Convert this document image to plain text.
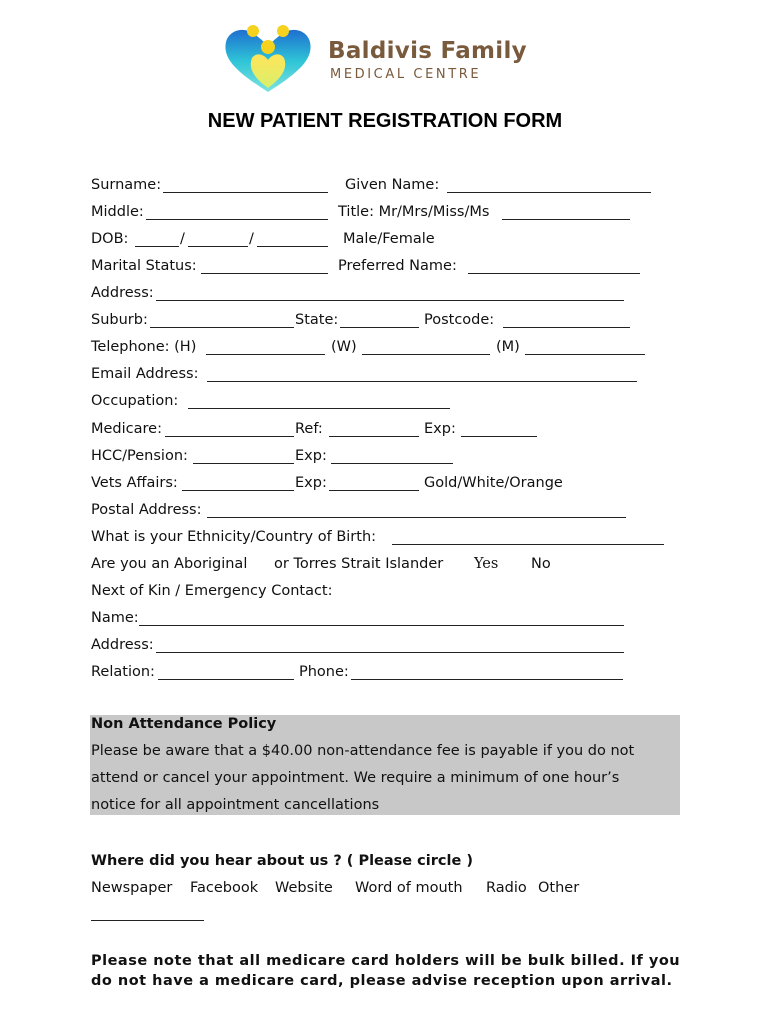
Baldivis Family
MEDICAL CENTRE
NEW PATIENT REGISTRATION FORM
Surname:	Given Name:
Middle:	Title: Mr/Mrs/Miss/Ms
DOB:	/	/	Male/Female
Marital Status:	Preferred Name:
Address:
Suburb:	State:	Postcode:
Telephone: (H)	(W)	(M)
Email Address:
Occupation:
Medicare:	Ref:	Exp:
HCC/Pension:	Exp:
Vets Affairs:	Exp:	Gold/White/Orange
Postal Address:
What is your Ethnicity/Country of Birth:
Are you an Aboriginal or Torres Strait Islander Yes No
Next of Kin / Emergency Contact:
Name:
Address:
Relation:	Phone:
Non Attendance Policy
Please be aware that a $40.00 non-attendance fee is payable if you do not
attend or cancel your appointment. We require a minimum of one hour’s
notice for all appointment cancellations
Where did you hear about us ? ( Please circle )
Newspaper Facebook Website Word of mouth Radio Other
Please note that all medicare card holders will be bulk billed. If you do not have a medicare card, please advise reception upon arrival.
